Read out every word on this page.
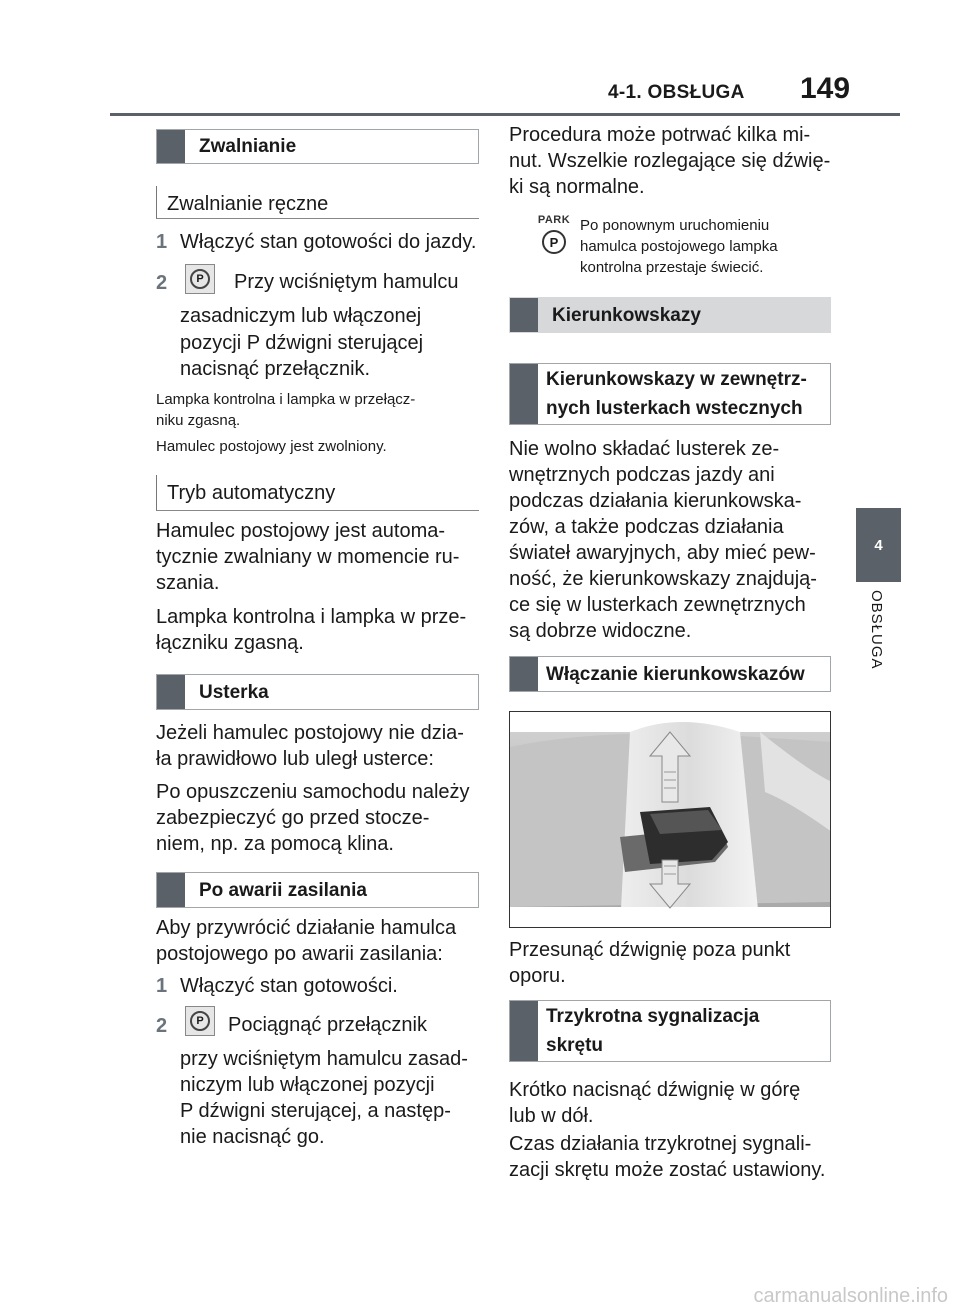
4-1. OBSŁUGA 149
4
OBSŁUGA
Zwalnianie
Zwalnianie ręczne
1 Włączyć stan gotowości do jazdy.

2	P	Przy wciśniętym hamulcu

zasadniczym lub włączonej

pozycji P dźwigni sterującej

nacisnąć przełącznik.

Lampka kontrolna i lampka w przełącz-

niku zgasną.

Hamulec postojowy jest zwolniony.

Tryb automatyczny

Hamulec postojowy jest automa-

tycznie zwalniany w momencie ru-

szania.

Lampka kontrolna i lampka w prze-

łączniku zgasną.

Usterka

Jeżeli hamulec postojowy nie dzia-

ła prawidłowo lub uległ usterce:

Po opuszczeniu samochodu należy

zabezpieczyć go przed stocze-

niem, np. za pomocą klina.

Po awarii zasilania

Aby przywrócić działanie hamulca

postojowego po awarii zasilania:

1 Włączyć stan gotowości.

2	P	Pociągnąć przełącznik

przy wciśniętym hamulcu zasad-

niczym lub włączonej pozycji

P dźwigni sterującej, a następ-

nie nacisnąć go.

Procedura może potrwać kilka mi-

nut. Wszelkie rozlegające się dźwię-

ki są normalne.

PARK
P

Po ponownym uruchomieniu

hamulca postojowego lampka

kontrolna przestaje świecić.

Kierunkowskazy
Kierunkowskazy w zewnętrz-
nych lusterkach wstecznych

Nie wolno składać lusterek ze-

wnętrznych podczas jazdy ani

podczas działania kierunkowska-

zów, a także podczas działania

świateł awaryjnych, aby mieć pew-

ność, że kierunkowskazy znajdują-

ce się w lusterkach zewnętrznych

są dobrze widoczne.

Włączanie kierunkowskazów

Przesunąć dźwignię poza punkt

oporu.

Trzykrotna sygnalizacja
skrętu

Krótko nacisnąć dźwignię w górę

lub w dół.

Czas działania trzykrotnej sygnali-

zacji skrętu może zostać ustawiony.

carmanualsonline.info
